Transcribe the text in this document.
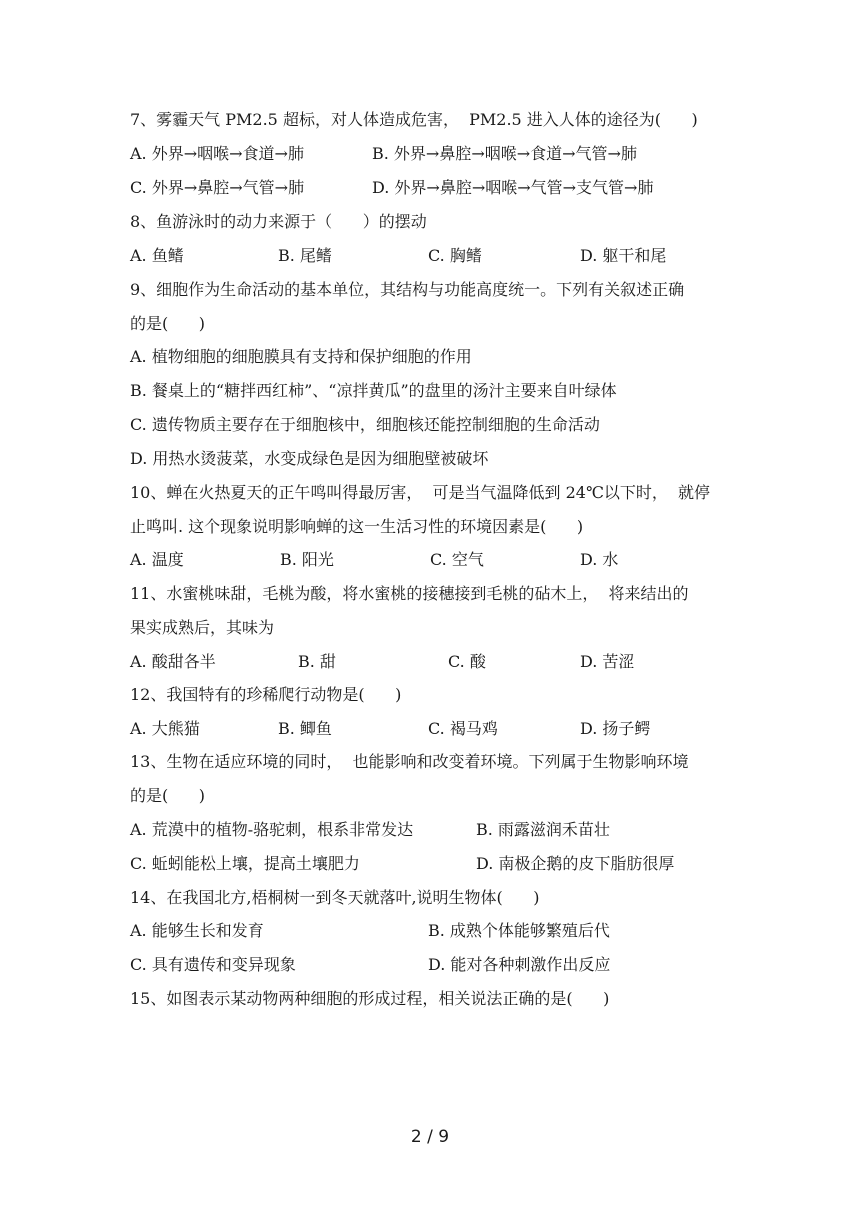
7、雾霾天气 PM2.5 超标，对人体造成危害，  PM2.5 进入人体的途径为(      )
A. 外界→咽喉→食道→肺	B. 外界→鼻腔→咽喉→食道→气管→肺
C. 外界→鼻腔→气管→肺	D. 外界→鼻腔→咽喉→气管→支气管→肺
8、鱼游泳时的动力来源于（      ）的摆动
A. 鱼鳍	B. 尾鳍	C. 胸鳍	D. 躯干和尾
9、细胞作为生命活动的基本单位，其结构与功能高度统一。下列有关叙述正确
的是(      )
A. 植物细胞的细胞膜具有支持和保护细胞的作用
B. 餐桌上的“糖拌西红柿”、“凉拌黄瓜”的盘里的汤汁主要来自叶绿体
C. 遗传物质主要存在于细胞核中，细胞核还能控制细胞的生命活动
D. 用热水烫菠菜，水变成绿色是因为细胞壁被破坏
10、蝉在火热夏天的正午鸣叫得最厉害，  可是当气温降低到 24℃以下时，  就停
止鸣叫. 这个现象说明影响蝉的这一生活习性的环境因素是(      )
A. 温度	B. 阳光	C. 空气	D. 水
11、水蜜桃味甜，毛桃为酸，将水蜜桃的接穗接到毛桃的砧木上，  将来结出的
果实成熟后，其味为
A. 酸甜各半	B. 甜	C. 酸	D. 苦涩
12、我国特有的珍稀爬行动物是(      )
A. 大熊猫	B. 鲫鱼	C. 褐马鸡	D. 扬子鳄
13、生物在适应环境的同时，  也能影响和改变着环境。下列属于生物影响环境
的是(      )
A. 荒漠中的植物-骆驼刺，根系非常发达	B. 雨露滋润禾苗壮
C. 蚯蚓能松上壤，提高土壤肥力	D. 南极企鹅的皮下脂肪很厚
14、在我国北方,梧桐树一到冬天就落叶,说明生物体(      )
A. 能够生长和发育	B. 成熟个体能够繁殖后代
C. 具有遗传和变异现象	D. 能对各种刺激作出反应
15、如图表示某动物两种细胞的形成过程，相关说法正确的是(      )
2 / 9
